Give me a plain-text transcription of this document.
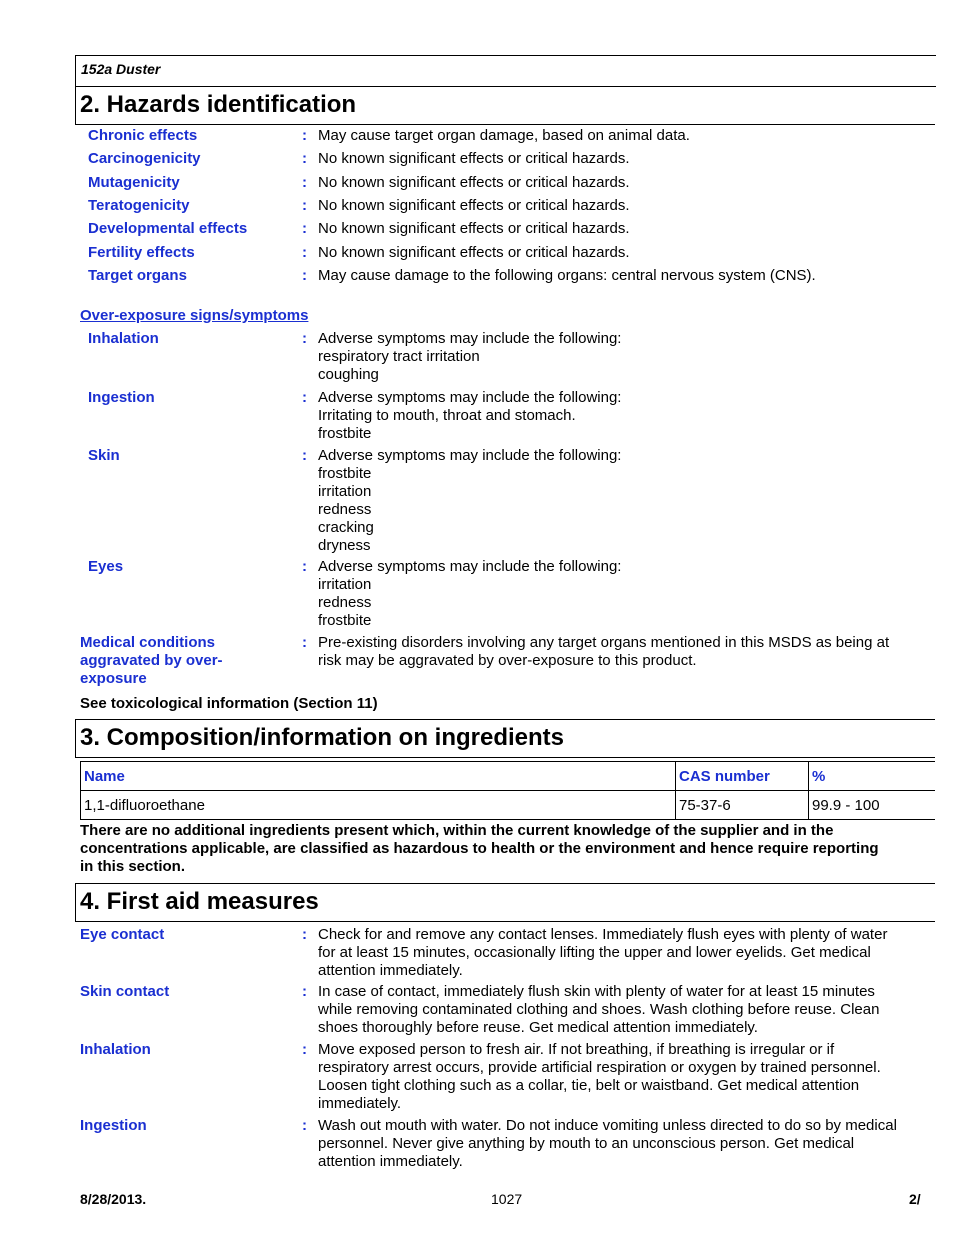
152a Duster
2. Hazards identification
Chronic effects	: May cause target organ damage, based on animal data.
Carcinogenicity	: No known significant effects or critical hazards.
Mutagenicity	: No known significant effects or critical hazards.
Teratogenicity	: No known significant effects or critical hazards.
Developmental effects	: No known significant effects or critical hazards.
Fertility effects	: No known significant effects or critical hazards.
Target organs	: May cause damage to the following organs: central nervous system (CNS).
Over-exposure signs/symptoms
Inhalation	: Adverse symptoms may include the following:
respiratory tract irritation
coughing
Ingestion	: Adverse symptoms may include the following:
Irritating to mouth, throat and stomach.
frostbite
Skin	: Adverse symptoms may include the following:
frostbite
irritation
redness
cracking
dryness
Eyes	: Adverse symptoms may include the following:
irritation
redness
frostbite
Medical conditions
aggravated by over-
exposure
: Pre-existing disorders involving any target organs mentioned in this MSDS as being at
risk may be aggravated by over-exposure to this product.
See toxicological information (Section 11)
3. Composition/information on ingredients
Name	CAS number	%
1,1-difluoroethane	75-37-6	99.9 - 100
There are no additional ingredients present which, within the current knowledge of the supplier and in the
concentrations applicable, are classified as hazardous to health or the environment and hence require reporting
in this section.
4. First aid measures
Eye contact	: Check for and remove any contact lenses. Immediately flush eyes with plenty of water
for at least 15 minutes, occasionally lifting the upper and lower eyelids. Get medical
attention immediately.
Skin contact	: In case of contact, immediately flush skin with plenty of water for at least 15 minutes
while removing contaminated clothing and shoes. Wash clothing before reuse. Clean
shoes thoroughly before reuse. Get medical attention immediately.
Inhalation	: Move exposed person to fresh air. If not breathing, if breathing is irregular or if
respiratory arrest occurs, provide artificial respiration or oxygen by trained personnel.
Loosen tight clothing such as a collar, tie, belt or waistband. Get medical attention
immediately.
Ingestion	: Wash out mouth with water. Do not induce vomiting unless directed to do so by medical
personnel. Never give anything by mouth to an unconscious person. Get medical
attention immediately.
8/28/2013.	1027	2/
